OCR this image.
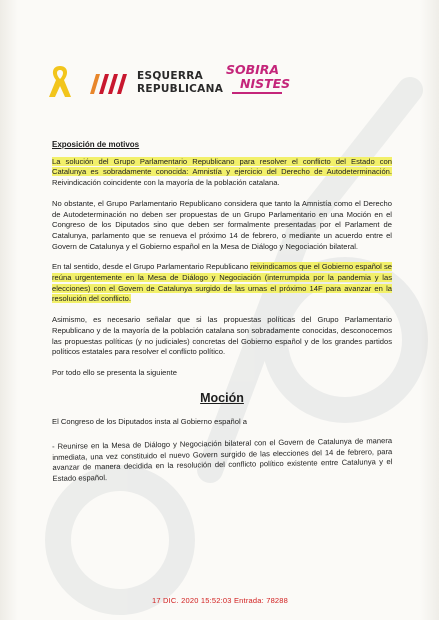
ESQUERRA
REPUBLICANA
SOBIRA
NISTES
Exposición de motivos

La solución del Grupo Parlamentario Republicano para resolver el conflicto del Estado con Catalunya es sobradamente conocida: Amnistía y ejercicio del Derecho de Autodeterminación. Reivindicación coincidente con la mayoría de la población catalana.

No obstante, el Grupo Parlamentario Republicano considera que tanto la Amnistía como el Derecho de Autodeterminación no deben ser propuestas de un Grupo Parlamentario en una Moción en el Congreso de los Diputados sino que deben ser formalmente presentadas por el Parlament de Catalunya, parlamento que se renueva el próximo 14 de febrero, o mediante un acuerdo entre el Govern de Catalunya y el Gobierno español en la Mesa de Diálogo y Negociación bilateral.

En tal sentido, desde el Grupo Parlamentario Republicano reivindicamos que el Gobierno español se reúna urgentemente en la Mesa de Diálogo y Negociación (interrumpida por la pandemia y las elecciones) con el Govern de Catalunya surgido de las urnas el próximo 14F para avanzar en la resolución del conflicto.

Asimismo, es necesario señalar que si las propuestas políticas del Grupo Parlamentario Republicano y de la mayoría de la población catalana son sobradamente conocidas, desconocemos las propuestas políticas (y no judiciales) concretas del Gobierno español y de los grandes partidos políticos estatales para resolver el conflicto político.

Por todo ello se presenta la siguiente

Moción

El Congreso de los Diputados insta al Gobierno español a

- Reunirse en la Mesa de Diálogo y Negociación bilateral con el Govern de Catalunya de manera inmediata, una vez constituido el nuevo Govern surgido de las elecciones del 14 de febrero, para avanzar de manera decidida en la resolución del conflicto político existente entre Catalunya y el Estado español.

17 DIC. 2020 15:52:03 Entrada: 78288
